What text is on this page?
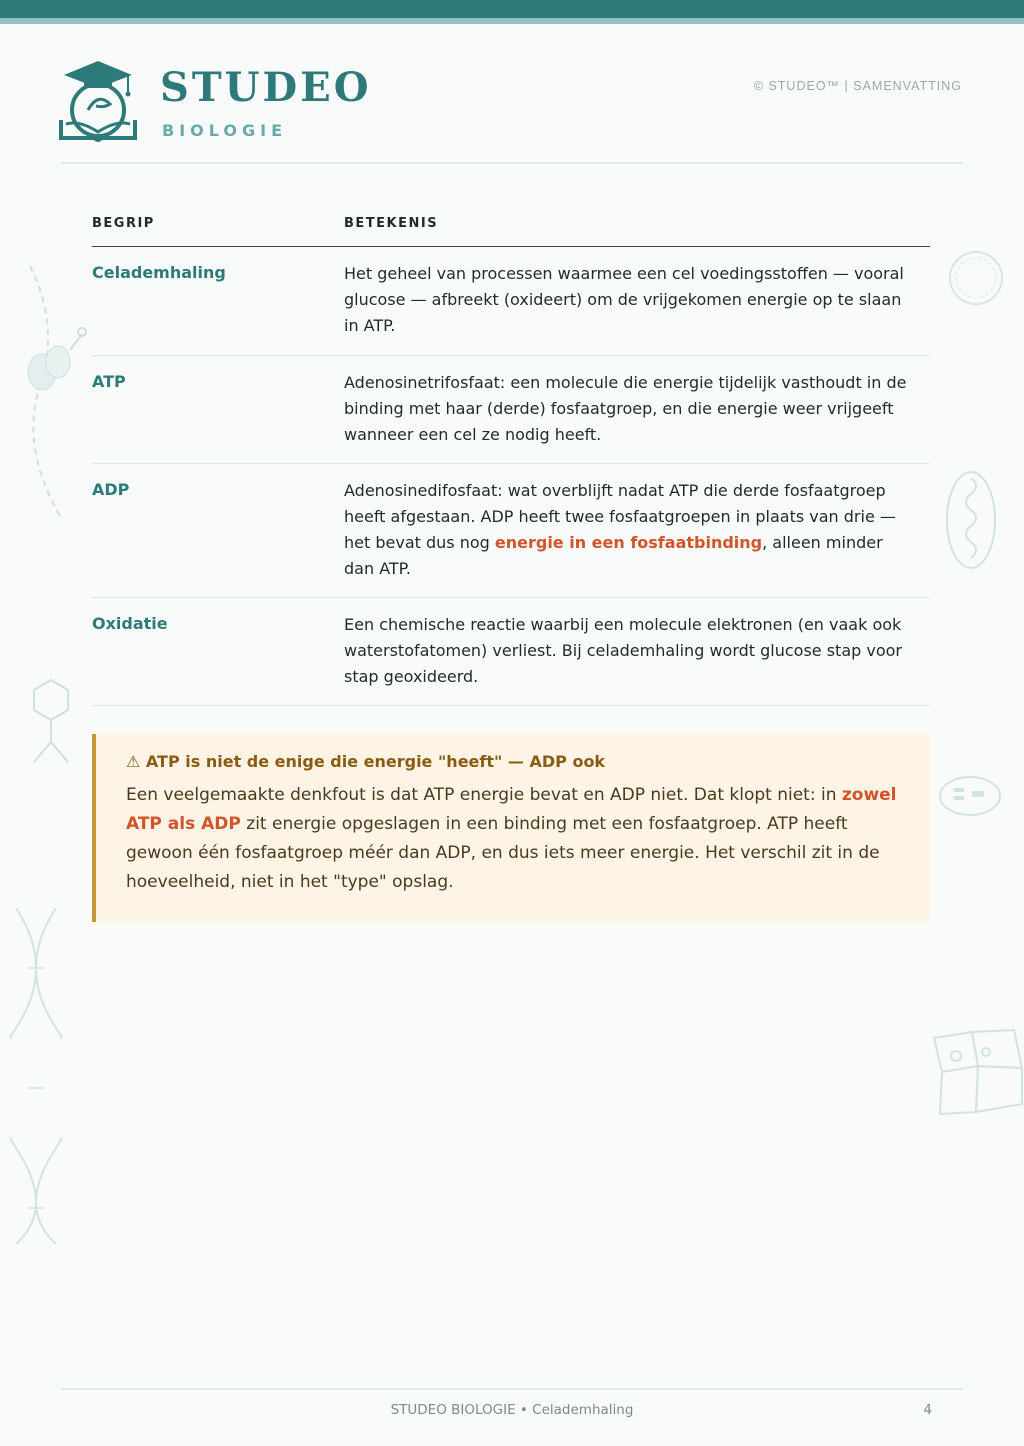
STUDEO
BIOLOGIE
© STUDEO™ | SAMENVATTING
BEGRIP	BETEKENIS
Celademhaling	Het geheel van processen waarmee een cel voedingsstoffen — vooral glucose — afbreekt (oxideert) om de vrijgekomen energie op te slaan in ATP.
ATP	Adenosinetrifosfaat: een molecule die energie tijdelijk vasthoudt in de binding met haar (derde) fosfaatgroep, en die energie weer vrijgeeft wanneer een cel ze nodig heeft.
ADP	Adenosinedifosfaat: wat overblijft nadat ATP die derde fosfaatgroep heeft afgestaan. ADP heeft twee fosfaatgroepen in plaats van drie — het bevat dus nog energie in een fosfaatbinding, alleen minder dan ATP.
Oxidatie	Een chemische reactie waarbij een molecule elektronen (en vaak ook waterstofatomen) verliest. Bij celademhaling wordt glucose stap voor stap geoxideerd.
⚠ ATP is niet de enige die energie "heeft" — ADP ook
Een veelgemaakte denkfout is dat ATP energie bevat en ADP niet. Dat klopt niet: in zowel ATP als ADP zit energie opgeslagen in een binding met een fosfaatgroep. ATP heeft gewoon één fosfaatgroep méér dan ADP, en dus iets meer energie. Het verschil zit in de hoeveelheid, niet in het "type" opslag.
STUDEO BIOLOGIE • Celademhaling	4
